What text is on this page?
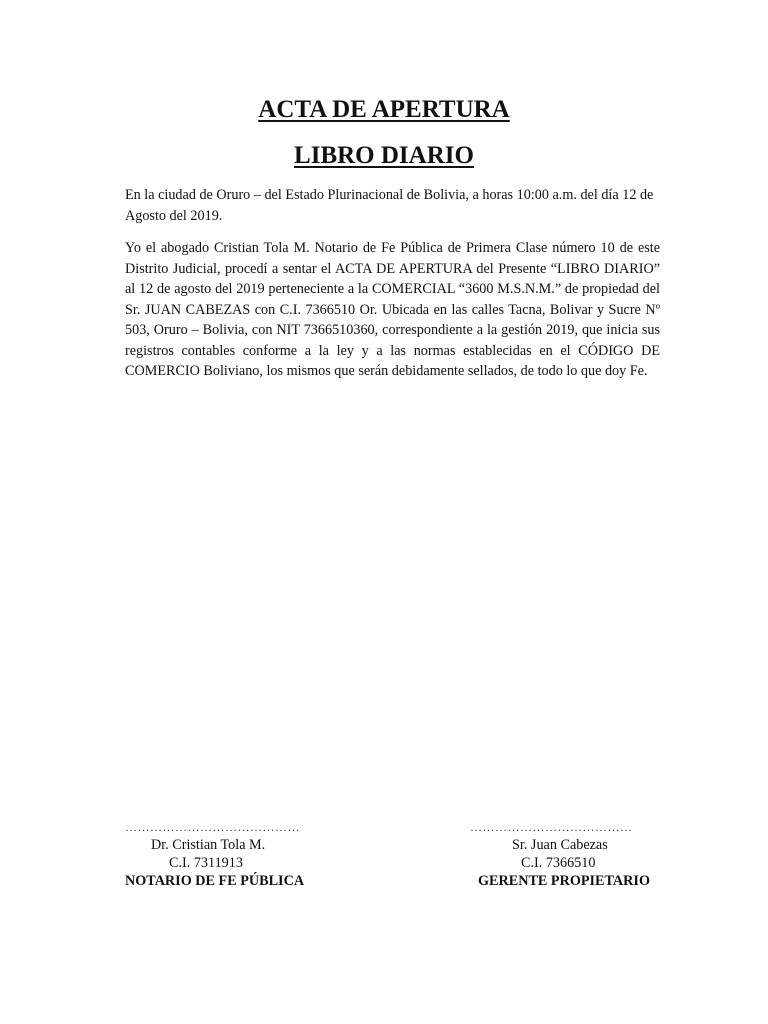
ACTA DE APERTURA
LIBRO DIARIO

En la ciudad de Oruro – del Estado Plurinacional de Bolivia, a horas 10:00 a.m. del día 12 de Agosto del 2019.

Yo el abogado Cristian Tola M. Notario de Fe Pública de Primera Clase número 10 de este Distrito Judicial, procedí a sentar el ACTA DE APERTURA del Presente “LIBRO DIARIO” al 12 de agosto del 2019 perteneciente a la COMERCIAL “3600 M.S.N.M.” de propiedad del Sr. JUAN CABEZAS con C.I. 7366510 Or. Ubicada en las calles Tacna, Bolivar y Sucre Nº 503, Oruro – Bolivia, con NIT 7366510360, correspondiente a la gestión 2019, que inicia sus registros contables conforme a la ley y a las normas establecidas en el CÓDIGO DE COMERCIO Boliviano, los mismos que serán debidamente sellados, de todo lo que doy Fe.

……………………………………
Dr. Cristian Tola M.
C.I. 7311913
NOTARIO DE FE PÚBLICA
…………………………………
Sr. Juan Cabezas
C.I. 7366510
GERENTE PROPIETARIO
